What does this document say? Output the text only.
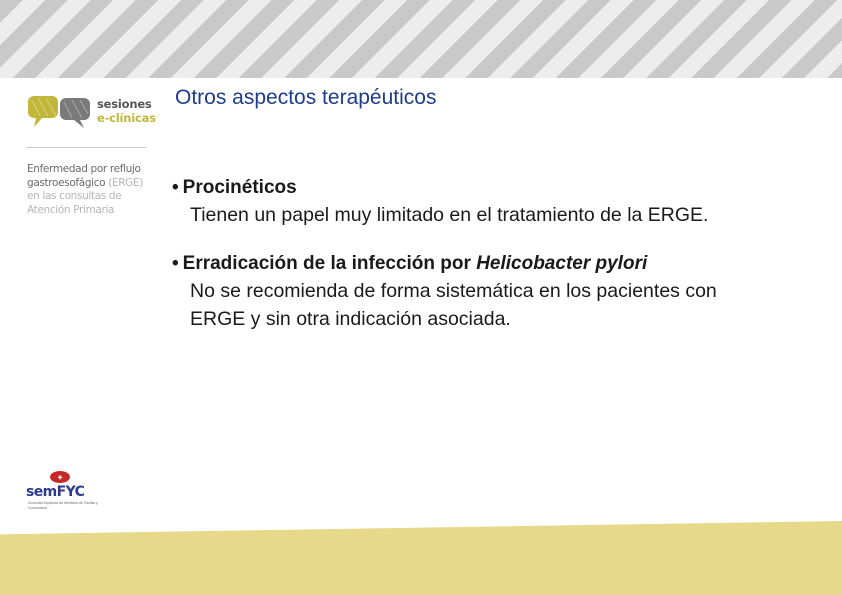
sesiones
e-clínicas
Enfermedad por reflujo
gastroesofágico (ERGE)
en las consultas de
Atención Primaria
Otros aspectos terapéuticos
• Procinéticos
Tienen un papel muy limitado en el tratamiento de la ERGE.
• Erradicación de la infección por Helicobacter pylori
No se recomienda de forma sistemática en los pacientes con ERGE y sin otra indicación asociada.
✚
semFYC
Sociedad Española de Medicina de Familia y Comunitaria
